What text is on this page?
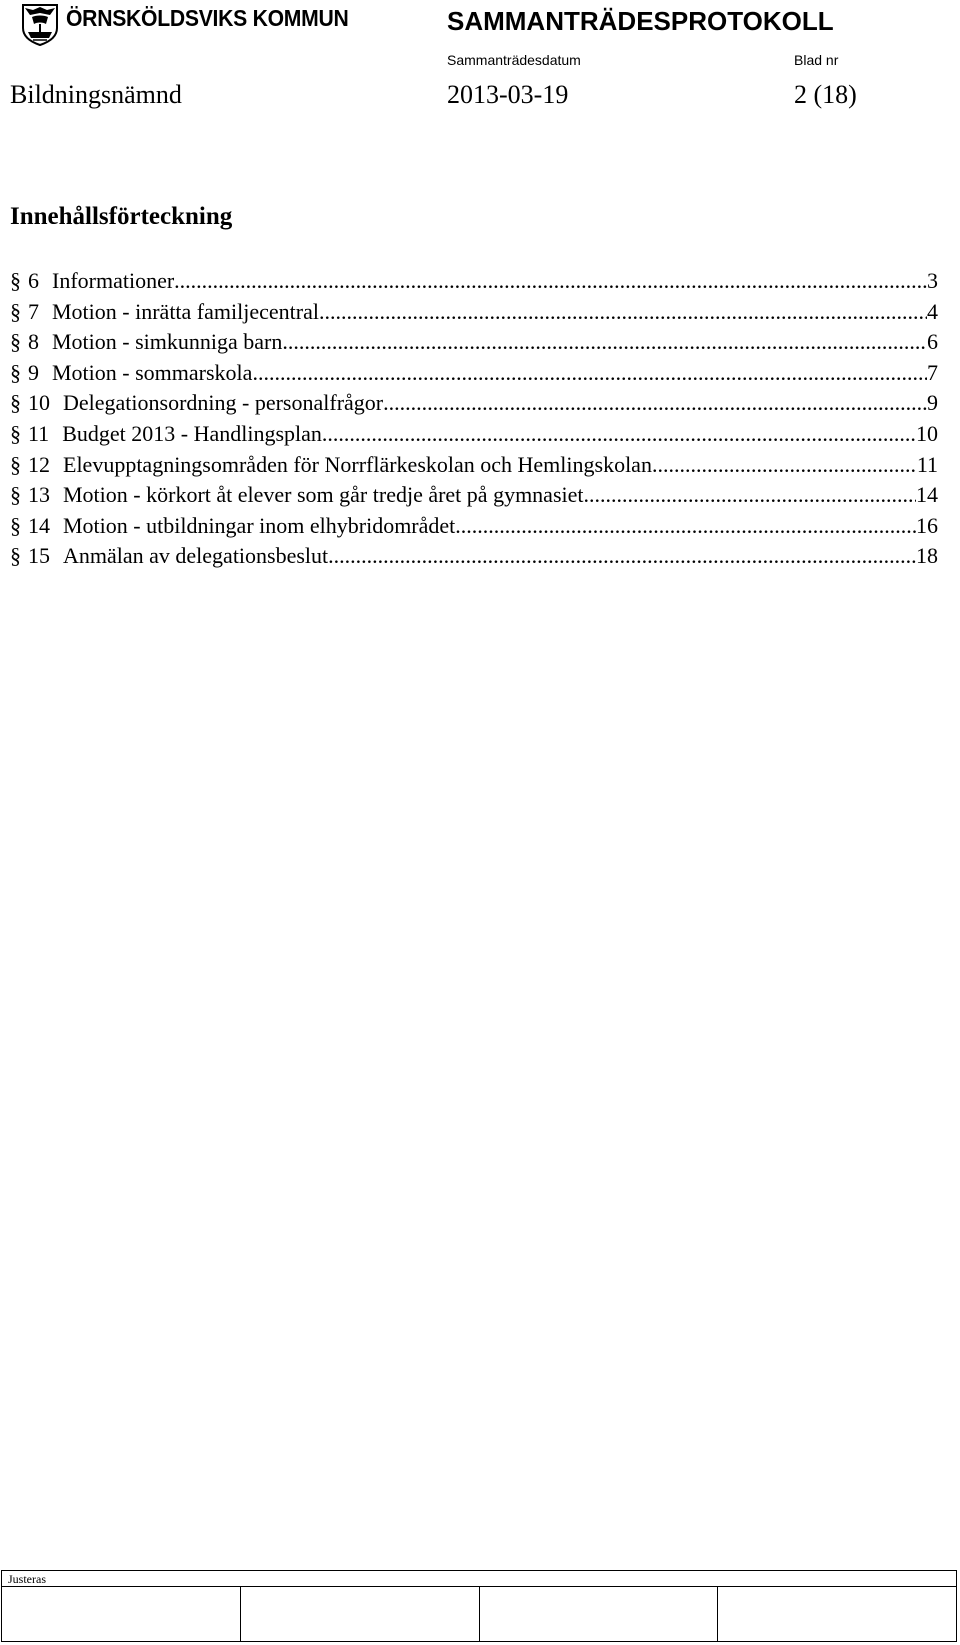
ÖRNSKÖLDSVIKS KOMMUN	SAMMANTRÄDESPROTOKOLL
Sammanträdesdatum	Blad nr
Bildningsnämnd	2013-03-19	2 (18)
Innehållsförteckning
§ 6 Informationer .....	3
§ 7 Motion - inrätta familjecentral .....	4
§ 8 Motion - simkunniga barn .....	6
§ 9 Motion - sommarskola .....	7
§ 10 Delegationsordning - personalfrågor .....	9
§ 11 Budget 2013 - Handlingsplan .....	10
§ 12 Elevupptagningsområden för Norrflärkeskolan och Hemlingskolan .....	11
§ 13 Motion - körkort åt elever som går tredje året på gymnasiet .....	14
§ 14 Motion - utbildningar inom elhybridområdet .....	16
§ 15 Anmälan av delegationsbeslut .....	18
Justeras
